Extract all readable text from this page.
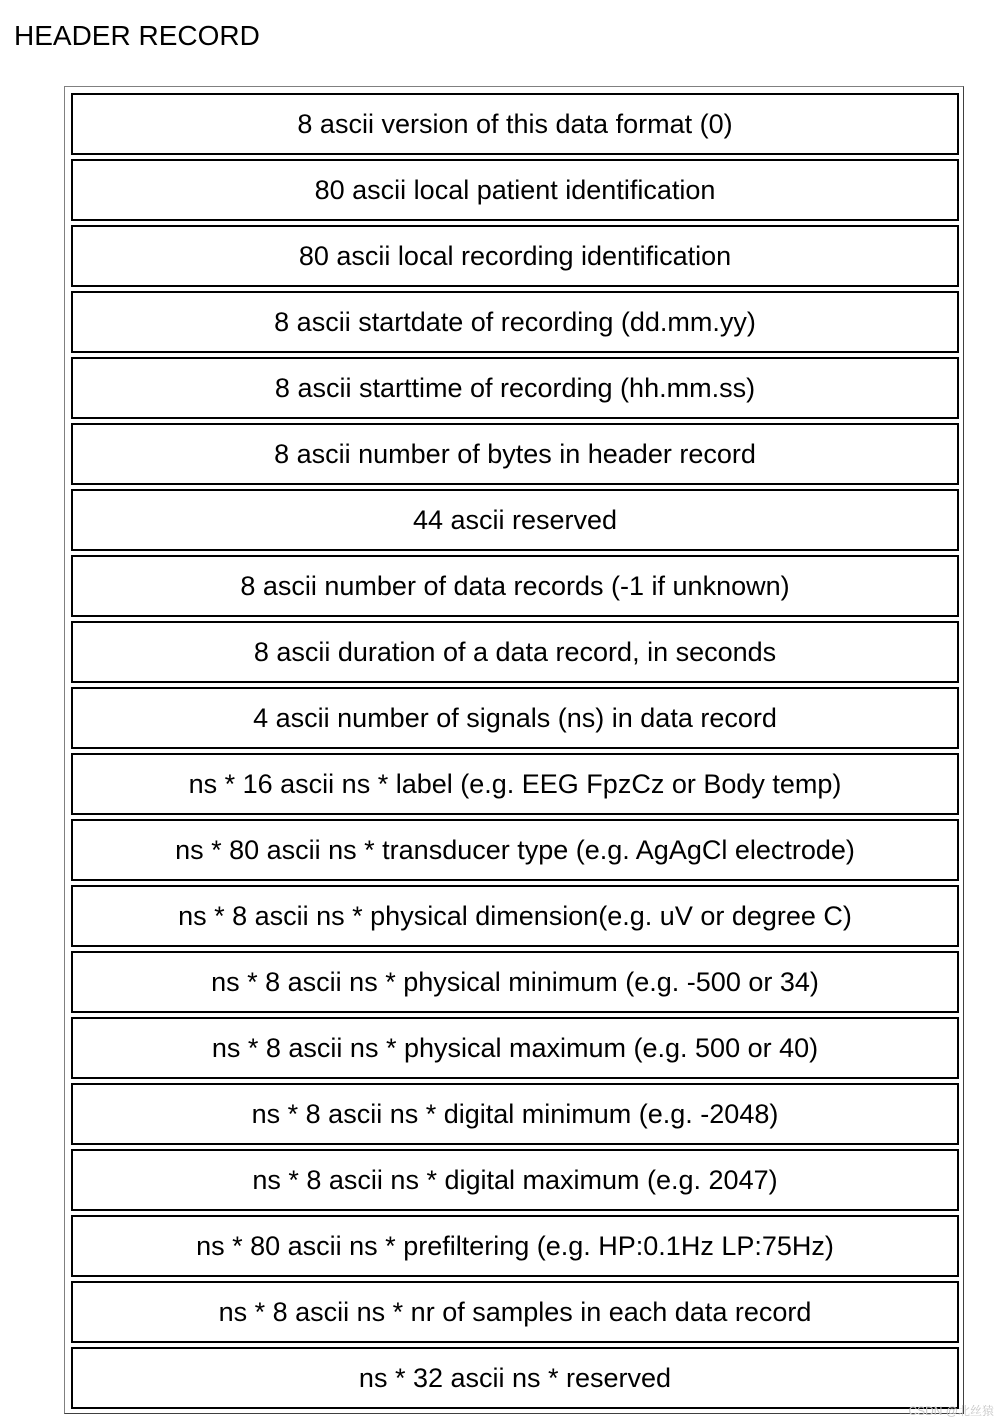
HEADER RECORD
8 ascii version of this data format (0)
80 ascii local patient identification
80 ascii local recording identification
8 ascii startdate of recording (dd.mm.yy)
8 ascii starttime of recording (hh.mm.ss)
8 ascii number of bytes in header record
44 ascii reserved
8 ascii number of data records (-1 if unknown)
8 ascii duration of a data record, in seconds
4 ascii number of signals (ns) in data record
ns * 16 ascii ns * label (e.g. EEG FpzCz or Body temp)
ns * 80 ascii ns * transducer type (e.g. AgAgCl electrode)
ns * 8 ascii ns * physical dimension(e.g. uV or degree C)
ns * 8 ascii ns * physical minimum (e.g. -500 or 34)
ns * 8 ascii ns * physical maximum (e.g. 500 or 40)
ns * 8 ascii ns * digital minimum (e.g. -2048)
ns * 8 ascii ns * digital maximum (e.g. 2047)
ns * 80 ascii ns * prefiltering (e.g. HP:0.1Hz LP:75Hz)
ns * 8 ascii ns * nr of samples in each data record
ns * 32 ascii ns * reserved
CSDN @北丝猿
